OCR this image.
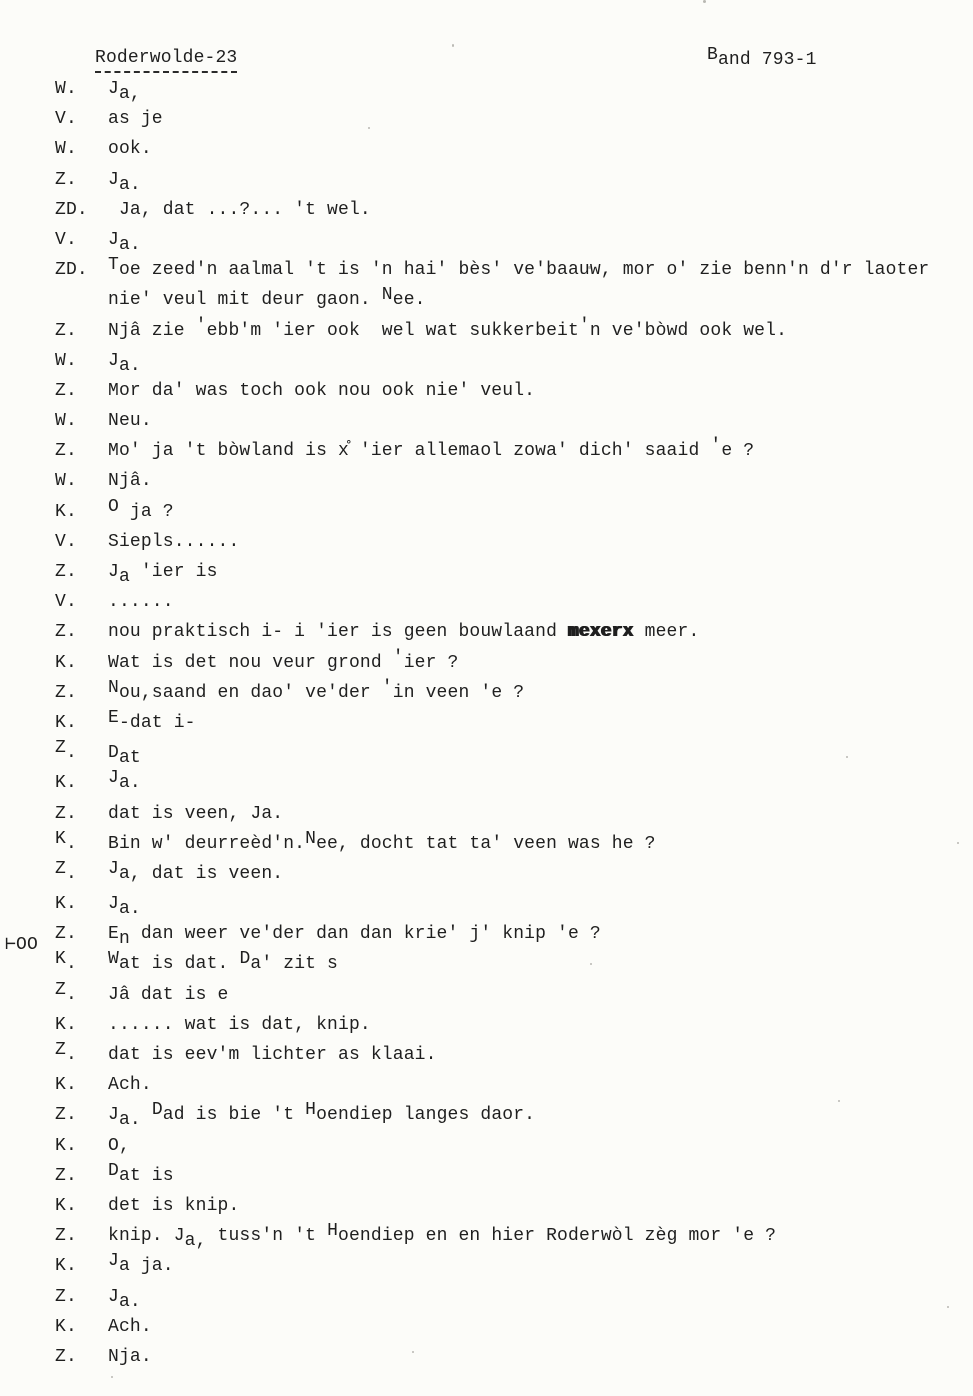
Roderwolde-23	Band 793-1
⊢OO
W.	Ja,
V.	as je
W.	ook.
Z.	Ja.
ZD.	Ja, dat ...?... 't wel.
V.	Ja.
ZD.	Toe zeed'n aalmal 't is 'n hai' bès' ve'baauw, mor o' zie benn'n d'r laoter
nie' veul mit deur gaon. Nee.
Z.	Njâ zie 'ebb'm 'ier ook  wel wat sukkerbeit'n ve'bòwd ook wel.
W.	Ja.
Z.	Mor da' was toch ook nou ook nie' veul.
W.	Neu.
Z.	Mo' ja 't bòwland is x̊ 'ier allemaol zowa' dich' saaid 'e ?
W.	Njâ.
K.	O ja ?
V.	Siepls......
Z.	Ja 'ier is
V.	......
Z.	nou praktisch i- i 'ier is geen bouwlaand mexerx meer.
K.	Wat is det nou veur grond 'ier ?
Z.	Nou,saand en dao' ve'der 'in veen 'e ?
K.	E-dat i-
Z.	Dat
K.	Ja.
Z.	dat is veen, Ja.
K.	Bin w' deurreèd'n.Nee, docht tat ta' veen was he ?
Z.	Ja, dat is veen.
K.	Ja.
Z.	En dan weer ve'der dan dan krie' j' knip 'e ?
K.	Wat is dat. Da' zit s
Z.	Jâ dat is e
K.	...... wat is dat, knip.
Z.	dat is eev'm lichter as klaai.
K.	Ach.
Z.	Ja. Dad is bie 't Hoendiep langes daor.
K.	O,
Z.	Dat is
K.	det is knip.
Z.	knip. Ja, tuss'n 't Hoendiep en en hier Roderwòl zèg mor 'e ?
K.	Ja ja.
Z.	Ja.
K.	Ach.
Z.	Nja.
